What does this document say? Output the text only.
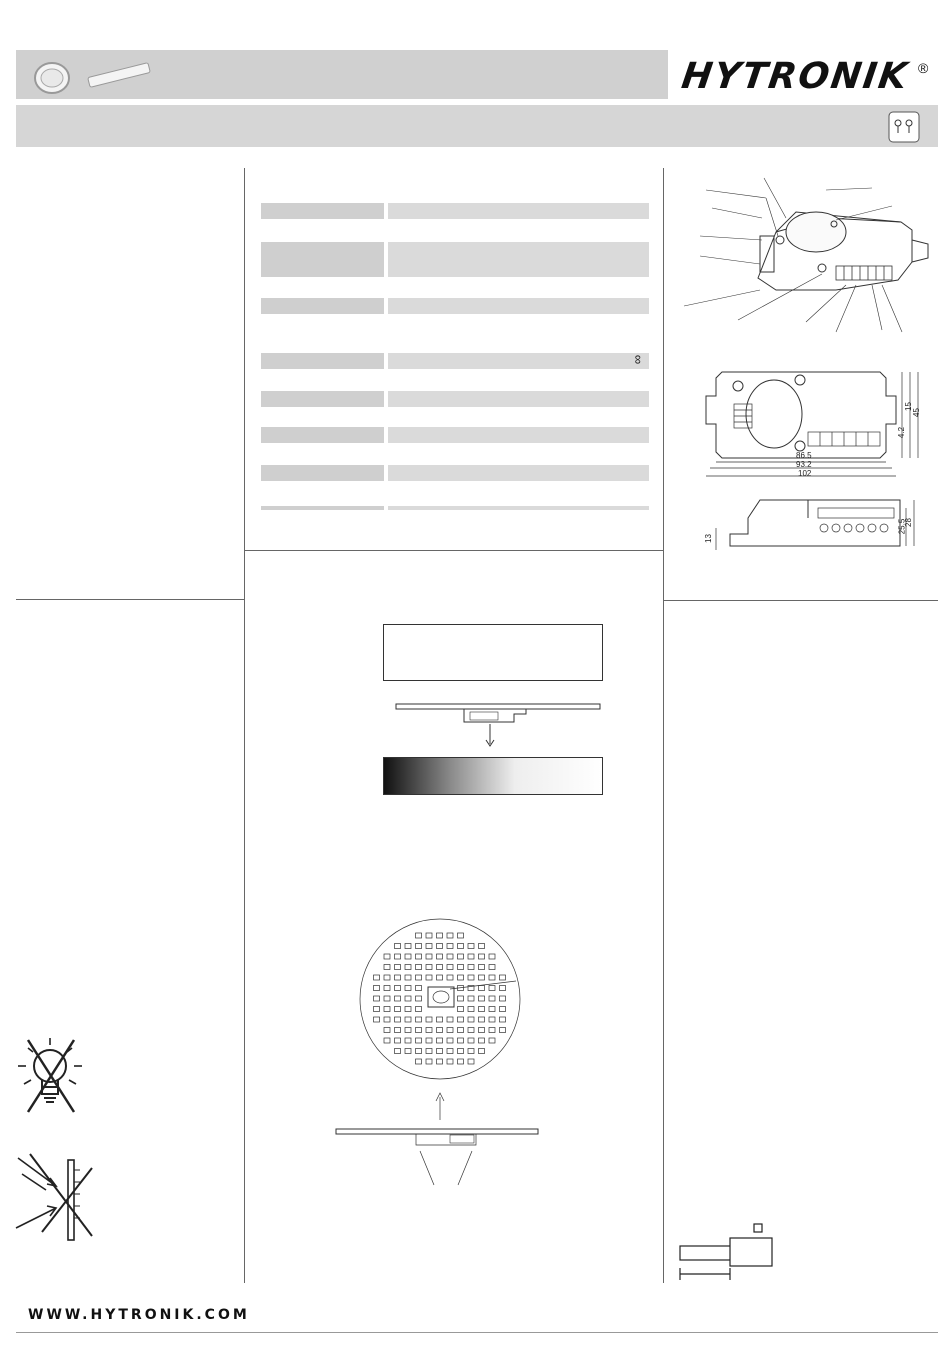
HYTRONIK ®
∞
86.5
93.2
102
4.2
15
45
13
25.5
28
WWW.HYTRONIK.COM
